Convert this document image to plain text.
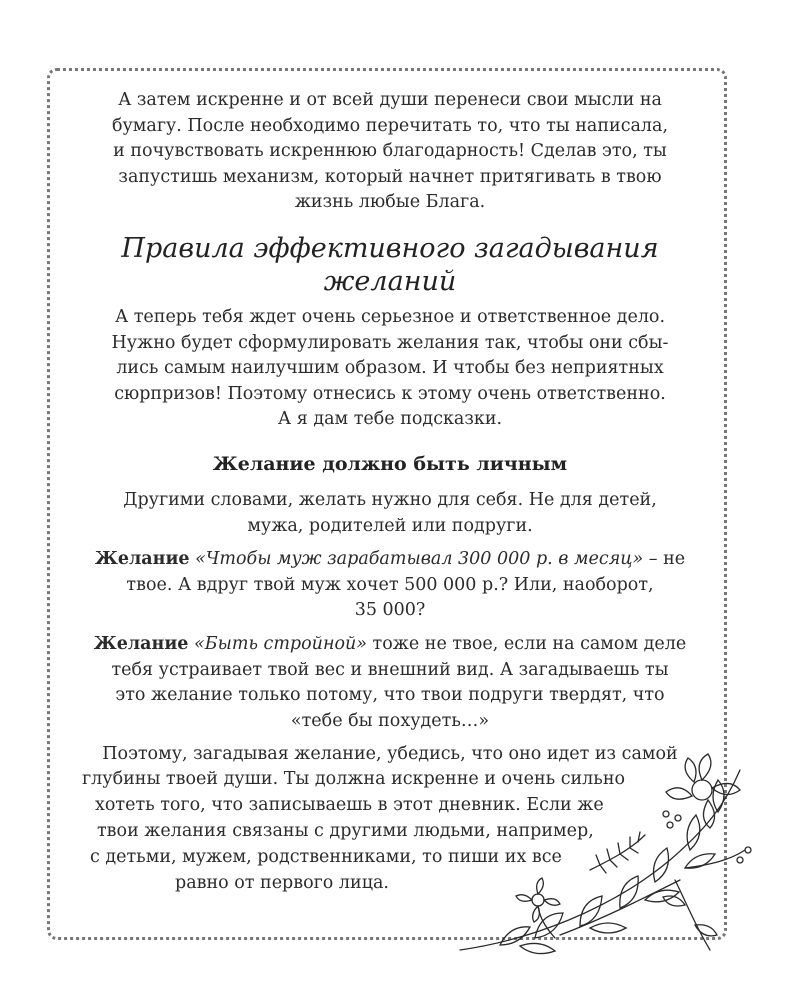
А затем искренне и от всей души перенеси свои мысли на
бумагу. После необходимо перечитать то, что ты написала,
и почувствовать искреннюю благодарность! Сделав это, ты
запустишь механизм, который начнет притягивать в твою
жизнь любые Блага.

Правила эффективного загадывания
желаний

А теперь тебя ждет очень серьезное и ответственное дело.
Нужно будет сформулировать желания так, чтобы они сбы-
лись самым наилучшим образом. И чтобы без неприятных
сюрпризов! Поэтому отнесись к этому очень ответственно.
А я дам тебе подсказки.

Желание должно быть личным

Другими словами, желать нужно для себя. Не для детей,
мужа, родителей или подруги.

Желание «Чтобы муж зарабатывал 300 000 р. в месяц» – не
твое. А вдруг твой муж хочет 500 000 р.? Или, наоборот,
35 000?

Желание «Быть стройной» тоже не твое, если на самом деле
тебя устраивает твой вес и внешний вид. А загадываешь ты
это желание только потому, что твои подруги твердят, что
«тебе бы похудеть…»

Поэтому, загадывая желание, убедись, что оно идет из самой

глубины твоей души. Ты должна искренне и очень сильно

хотеть того, что записываешь в этот дневник. Если же

твои желания связаны с другими людьми, например,

с детьми, мужем, родственниками, то пиши их все

равно от первого лица.
